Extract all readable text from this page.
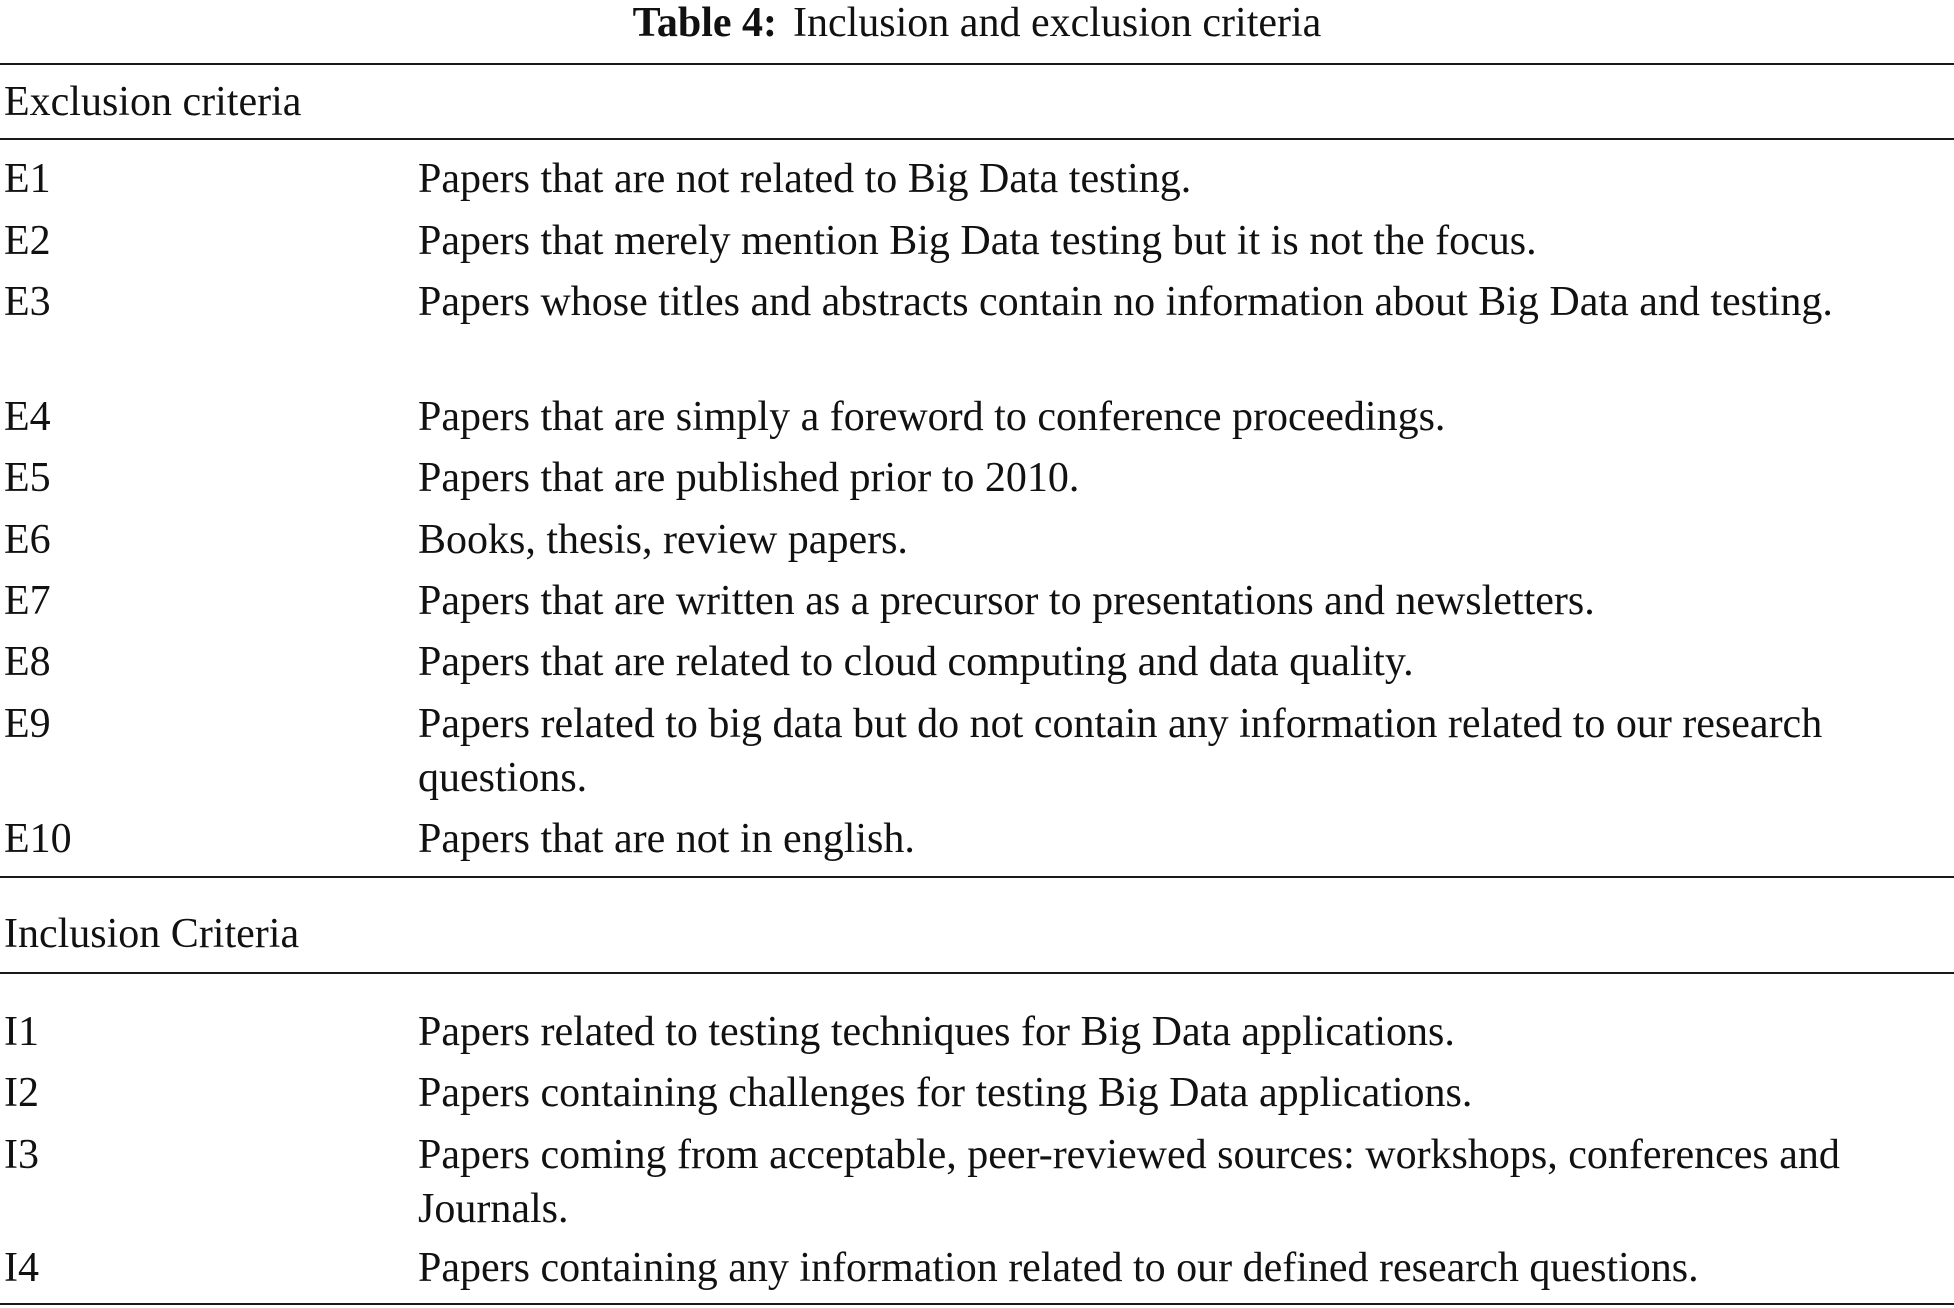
Table 4: Inclusion and exclusion criteria
Exclusion criteria
E1	Papers that are not related to Big Data testing.
E2	Papers that merely mention Big Data testing but it is not the focus.
E3	Papers whose titles and abstracts contain no information about Big Data and testing.
E4	Papers that are simply a foreword to conference proceedings.
E5	Papers that are published prior to 2010.
E6	Books, thesis, review papers.
E7	Papers that are written as a precursor to presentations and newsletters.
E8	Papers that are related to cloud computing and data quality.
E9	Papers related to big data but do not contain any information related to our research questions.
E10	Papers that are not in english.
Inclusion Criteria
I1	Papers related to testing techniques for Big Data applications.
I2	Papers containing challenges for testing Big Data applications.
I3	Papers coming from acceptable, peer-reviewed sources: workshops, conferences and Journals.
I4	Papers containing any information related to our defined research questions.
